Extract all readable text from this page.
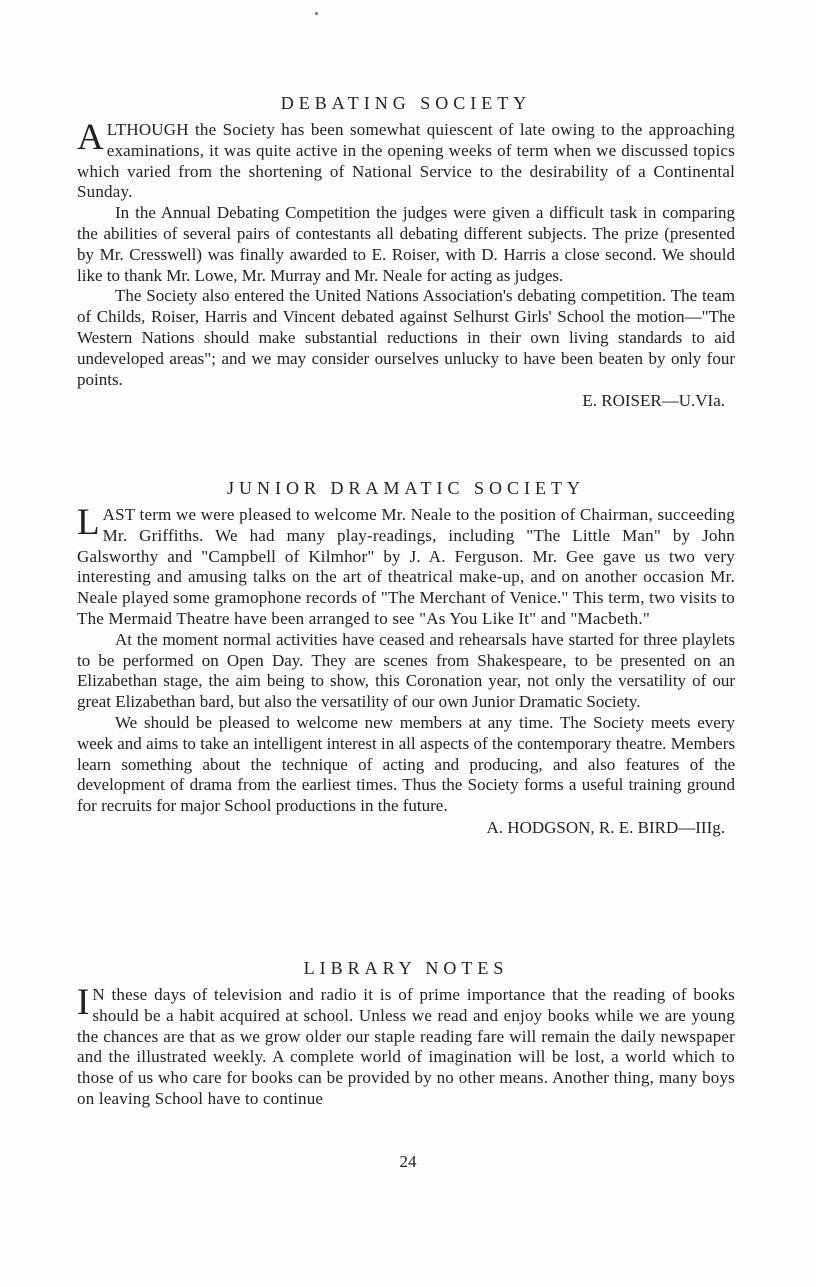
DEBATING SOCIETY

A LTHOUGH the Society has been somewhat quiescent of late owing to the approaching examinations, it was quite active in the opening weeks of term when we discussed topics which varied from the shortening of National Service to the desirability of a Continental Sunday.

In the Annual Debating Competition the judges were given a difficult task in comparing the abilities of several pairs of contestants all debating different subjects. The prize (presented by Mr. Cresswell) was finally awarded to E. Roiser, with D. Harris a close second. We should like to thank Mr. Lowe, Mr. Murray and Mr. Neale for acting as judges.

The Society also entered the United Nations Association's debating competition. The team of Childs, Roiser, Harris and Vincent debated against Selhurst Girls' School the motion—"The Western Nations should make substantial reductions in their own living standards to aid undeveloped areas"; and we may consider ourselves unlucky to have been beaten by only four points.

E. ROISER—U.VIa.

JUNIOR DRAMATIC SOCIETY

L AST term we were pleased to welcome Mr. Neale to the position of Chairman, succeeding Mr. Griffiths. We had many play-readings, including "The Little Man" by John Galsworthy and "Campbell of Kilmhor" by J. A. Ferguson. Mr. Gee gave us two very interesting and amusing talks on the art of theatrical make-up, and on another occasion Mr. Neale played some gramophone records of "The Merchant of Venice." This term, two visits to The Mermaid Theatre have been arranged to see "As You Like It" and "Macbeth."

At the moment normal activities have ceased and rehearsals have started for three playlets to be performed on Open Day. They are scenes from Shakespeare, to be presented on an Elizabethan stage, the aim being to show, this Coronation year, not only the versatility of our great Elizabethan bard, but also the versatility of our own Junior Dramatic Society.

We should be pleased to welcome new members at any time. The Society meets every week and aims to take an intelligent interest in all aspects of the contemporary theatre. Members learn something about the technique of acting and producing, and also features of the development of drama from the earliest times. Thus the Society forms a useful training ground for recruits for major School productions in the future.

A. HODGSON, R. E. BIRD—IIIg.

LIBRARY NOTES

I N these days of television and radio it is of prime importance that the reading of books should be a habit acquired at school. Unless we read and enjoy books while we are young the chances are that as we grow older our staple reading fare will remain the daily newspaper and the illustrated weekly. A complete world of imagination will be lost, a world which to those of us who care for books can be provided by no other means. Another thing, many boys on leaving School have to continue

24
